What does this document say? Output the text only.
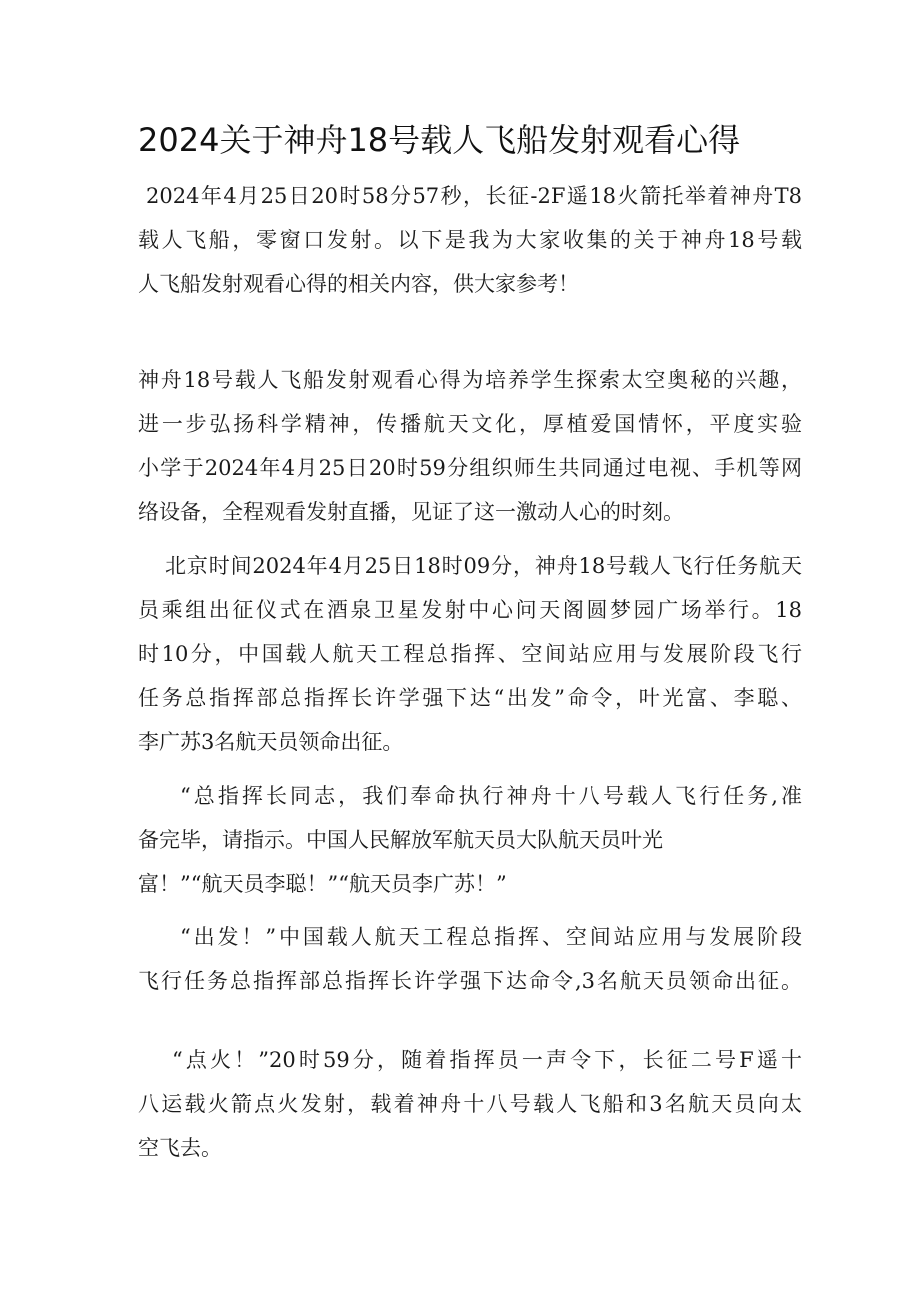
2024关于神舟18号载人飞船发射观看心得
2024年4月25日20时58分57秒，长征-2F遥18火箭托举着神舟T8
载人飞船，零窗口发射。以下是我为大家收集的关于神舟18号载
人飞船发射观看心得的相关内容，供大家参考！
神舟18号载人飞船发射观看心得为培养学生探索太空奥秘的兴趣，
进一步弘扬科学精神，传播航天文化，厚植爱国情怀，平度实验
小学于2024年4月25日20时59分组织师生共同通过电视、手机等网
络设备，全程观看发射直播，见证了这一激动人心的时刻。
北京时间2024年4月25日18时09分，神舟18号载人飞行任务航天
员乘组出征仪式在酒泉卫星发射中心问天阁圆梦园广场举行。18
时10分，中国载人航天工程总指挥、空间站应用与发展阶段飞行
任务总指挥部总指挥长许学强下达“出发”命令，叶光富、李聪、
李广苏3名航天员领命出征。
“总指挥长同志，我们奉命执行神舟十八号载人飞行任务,准
备完毕，请指示。中国人民解放军航天员大队航天员叶光
富！”“航天员李聪！”“航天员李广苏！”
“出发！”中国载人航天工程总指挥、空间站应用与发展阶段
飞行任务总指挥部总指挥长许学强下达命令,3名航天员领命出征。
“点火！”20时59分，随着指挥员一声令下，长征二号F遥十
八运载火箭点火发射，载着神舟十八号载人飞船和3名航天员向太
空飞去。
